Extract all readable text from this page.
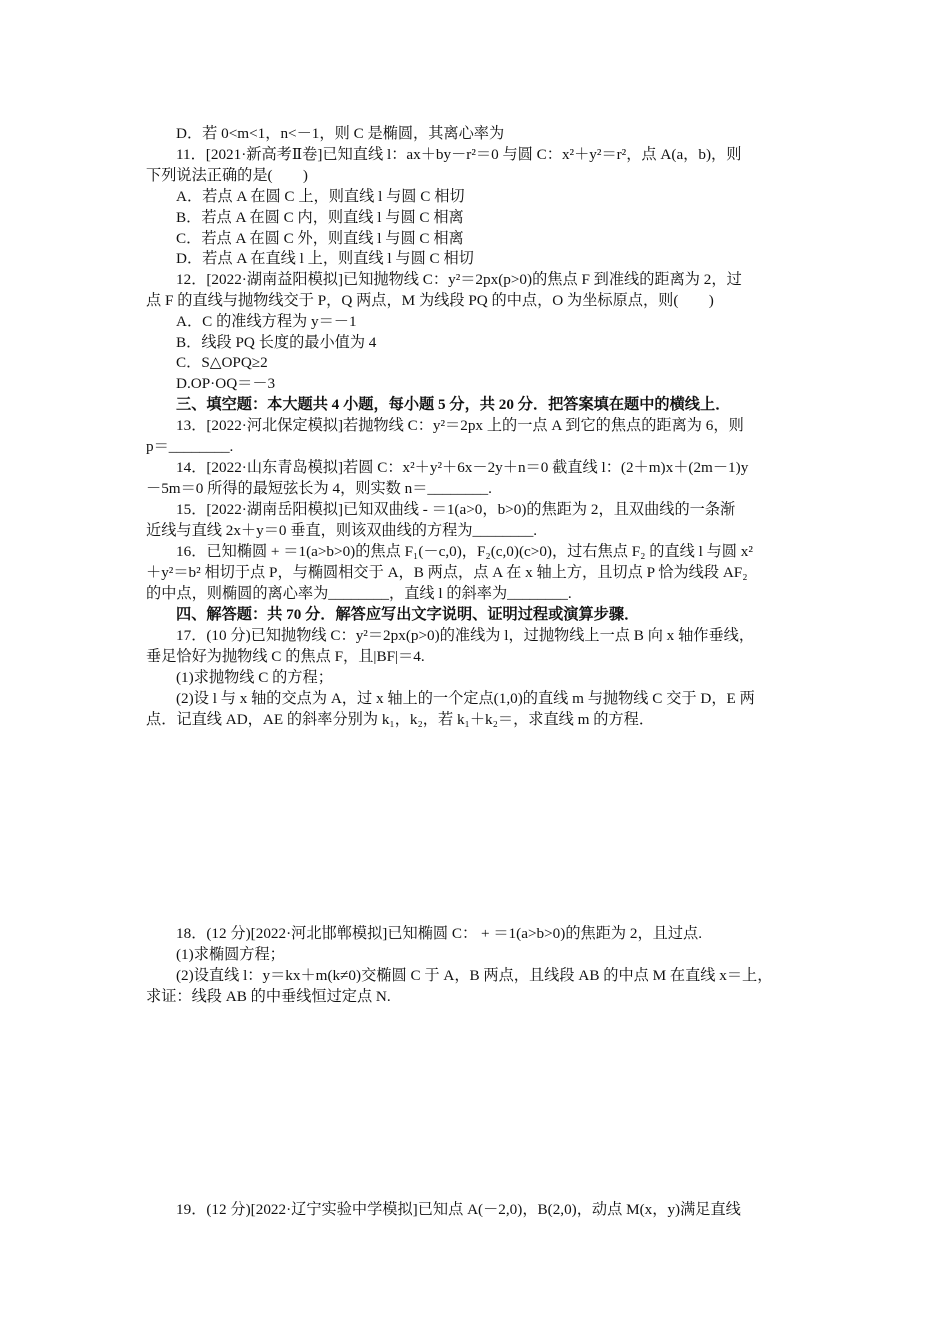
D．若 0<m<1，n<－1，则 C 是椭圆，其离心率为
11．[2021·新高考Ⅱ卷]已知直线 l：ax＋by－r²＝0 与圆 C：x²＋y²＝r²，点 A(a，b)，则
下列说法正确的是(　　)
A．若点 A 在圆 C 上，则直线 l 与圆 C 相切
B．若点 A 在圆 C 内，则直线 l 与圆 C 相离
C．若点 A 在圆 C 外，则直线 l 与圆 C 相离
D．若点 A 在直线 l 上，则直线 l 与圆 C 相切
12．[2022·湖南益阳模拟]已知抛物线 C：y²＝2px(p>0)的焦点 F 到准线的距离为 2，过
点 F 的直线与抛物线交于 P，Q 两点，M 为线段 PQ 的中点，O 为坐标原点，则(　　)
A．C 的准线方程为 y＝－1
B．线段 PQ 长度的最小值为 4
C．S△OPQ≥2
D.OP·OQ＝－3
三、填空题：本大题共 4 小题，每小题 5 分，共 20 分．把答案填在题中的横线上．
13．[2022·河北保定模拟]若抛物线 C：y²＝2px 上的一点 A 到它的焦点的距离为 6，则
p＝________.
14．[2022·山东青岛模拟]若圆 C：x²＋y²＋6x－2y＋n＝0 截直线 l：(2＋m)x＋(2m－1)y
－5m＝0 所得的最短弦长为 4，则实数 n＝________.
15．[2022·湖南岳阳模拟]已知双曲线 - ＝1(a>0，b>0)的焦距为 2，且双曲线的一条渐
近线与直线 2x＋y＝0 垂直，则该双曲线的方程为________.
16．已知椭圆 + ＝1(a>b>0)的焦点 F₁(－c,0)，F₂(c,0)(c>0)，过右焦点 F₂ 的直线 l 与圆 x²
＋y²＝b² 相切于点 P，与椭圆相交于 A，B 两点，点 A 在 x 轴上方，且切点 P 恰为线段 AF₂
的中点，则椭圆的离心率为________，直线 l 的斜率为________.
四、解答题：共 70 分．解答应写出文字说明、证明过程或演算步骤．
17．(10 分)已知抛物线 C：y²＝2px(p>0)的准线为 l，过抛物线上一点 B 向 x 轴作垂线，
垂足恰好为抛物线 C 的焦点 F，且|BF|＝4.
(1)求抛物线 C 的方程；
(2)设 l 与 x 轴的交点为 A，过 x 轴上的一个定点(1,0)的直线 m 与抛物线 C 交于 D，E 两
点．记直线 AD，AE 的斜率分别为 k₁，k₂，若 k₁＋k₂＝，求直线 m 的方程．
18．(12 分)[2022·河北邯郸模拟]已知椭圆 C： + ＝1(a>b>0)的焦距为 2，且过点.
(1)求椭圆方程；
(2)设直线 l：y＝kx＋m(k≠0)交椭圆 C 于 A，B 两点，且线段 AB 的中点 M 在直线 x＝上，
求证：线段 AB 的中垂线恒过定点 N.
19．(12 分)[2022·辽宁实验中学模拟]已知点 A(－2,0)，B(2,0)，动点 M(x，y)满足直线
